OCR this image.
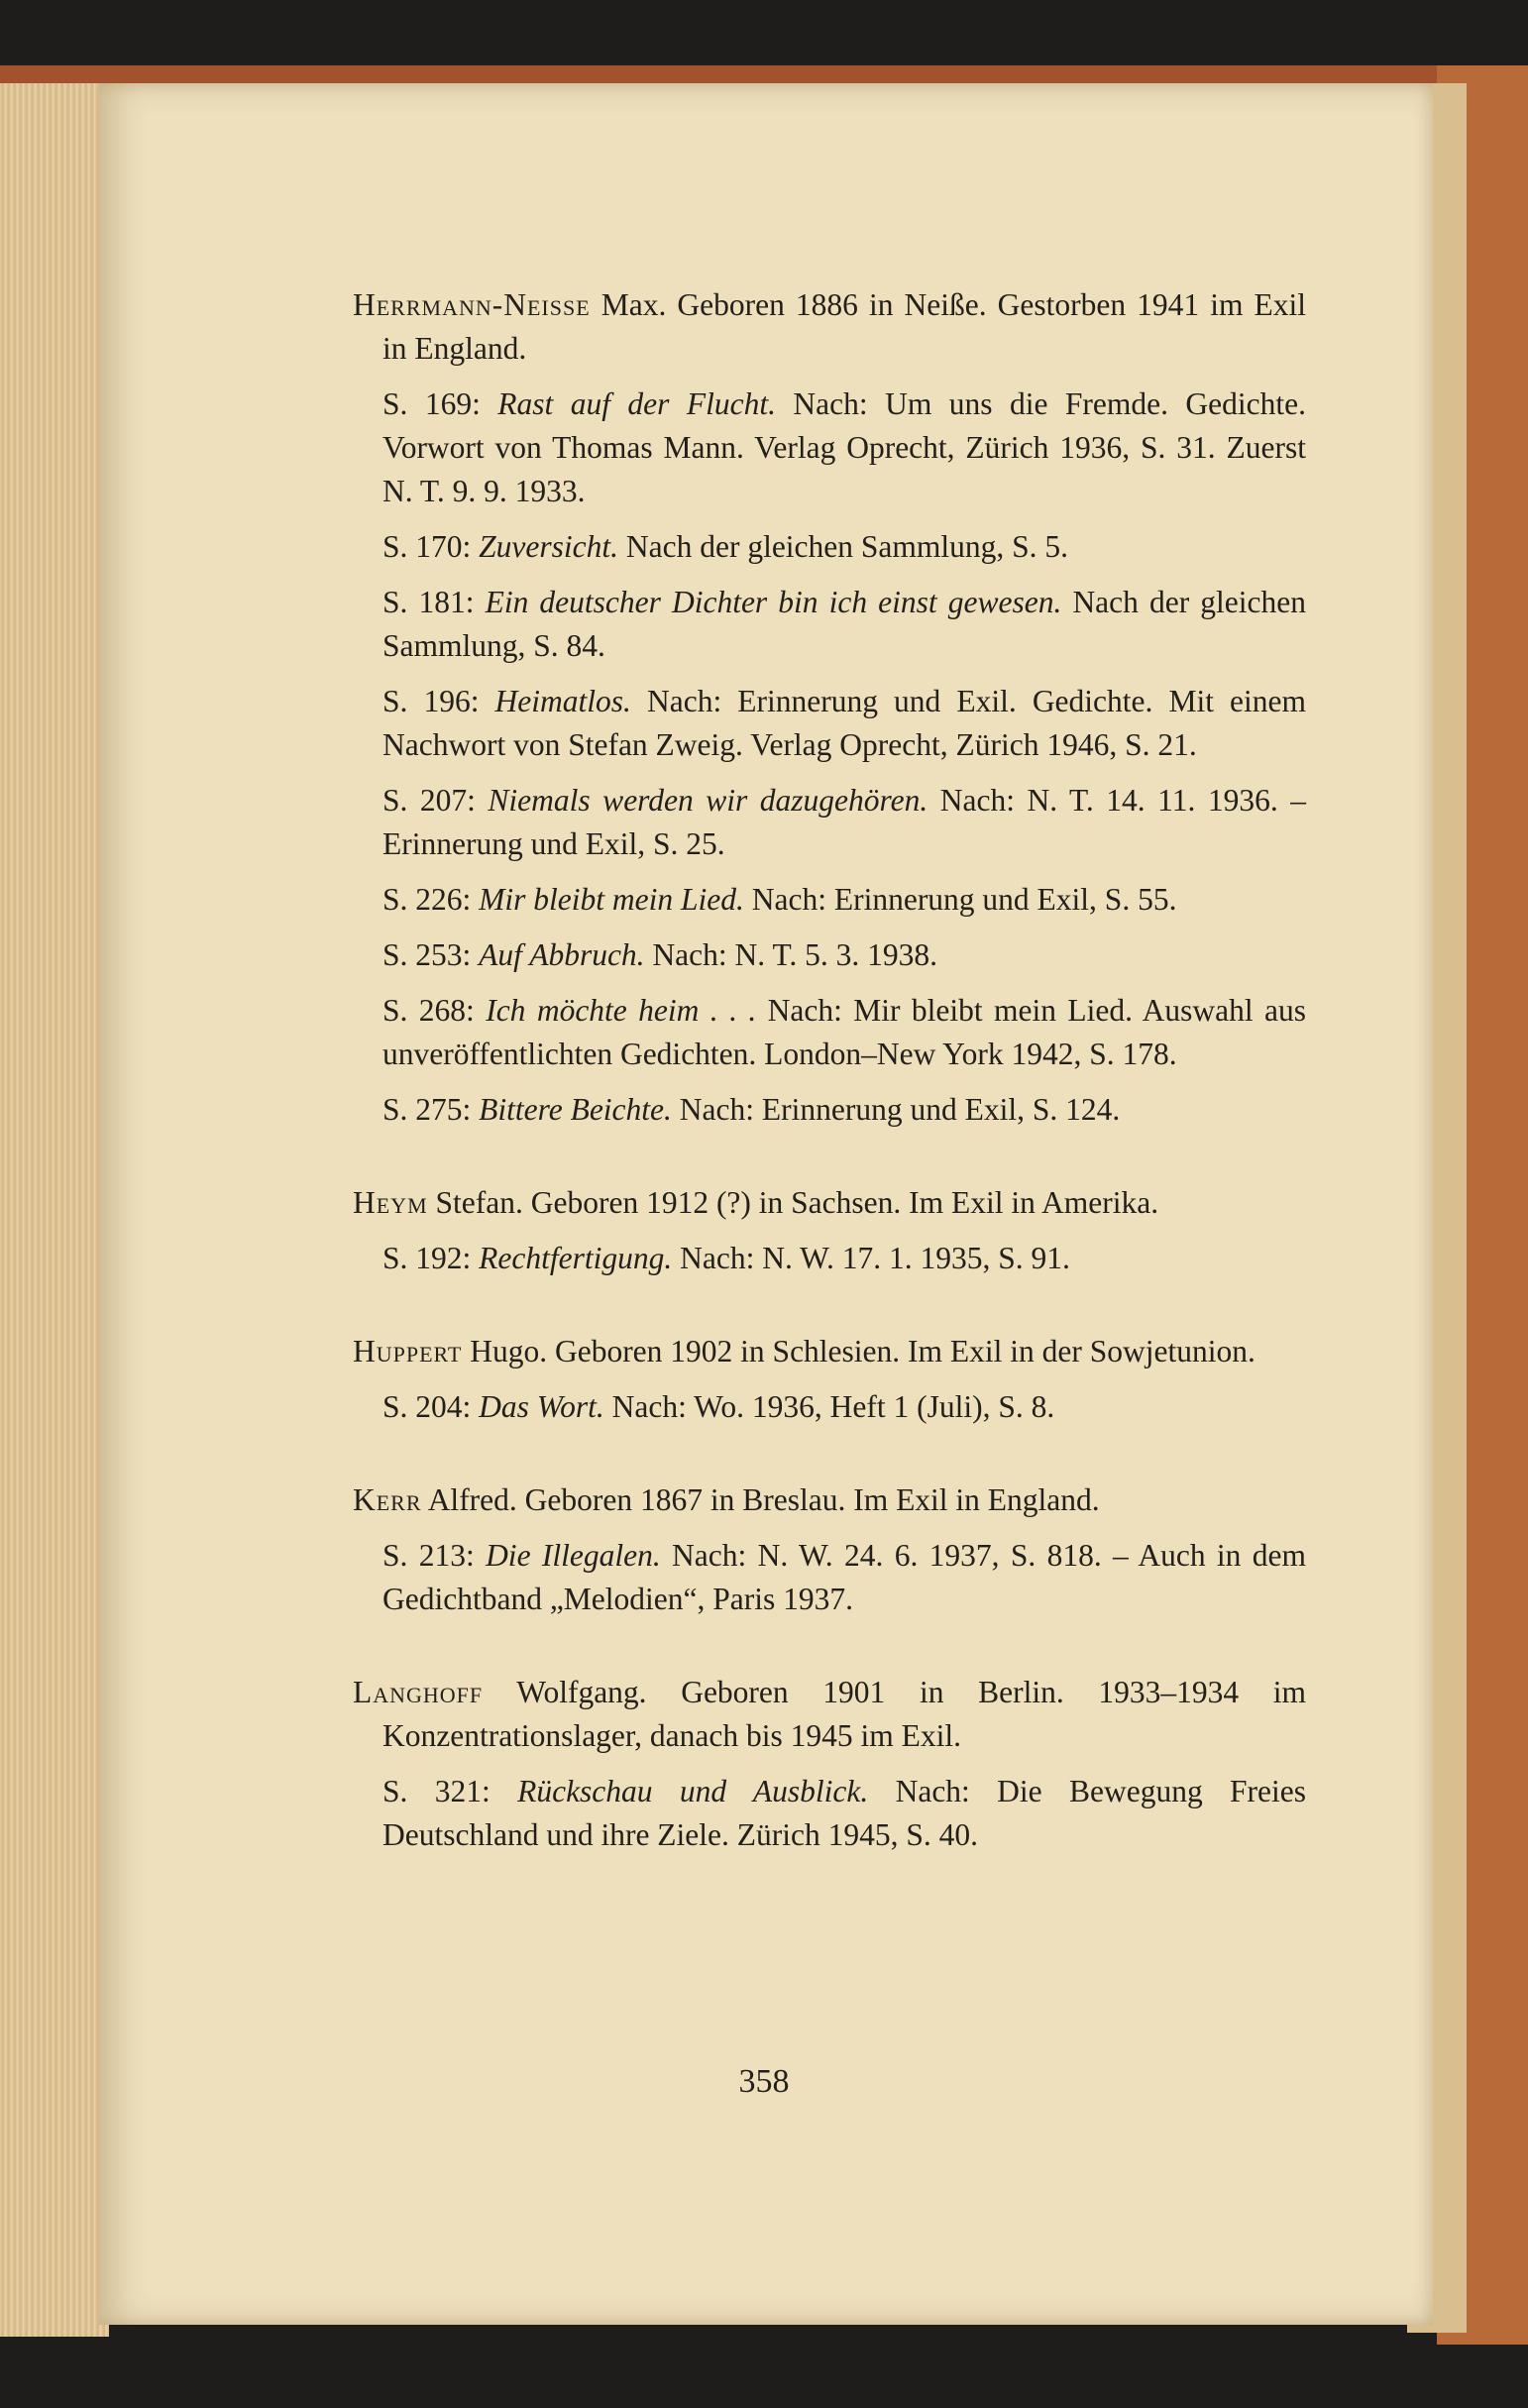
Herrmann-Neisse Max. Geboren 1886 in Neiße. Gestorben 1941 im Exil in England.

S. 169: Rast auf der Flucht. Nach: Um uns die Fremde. Gedichte. Vorwort von Thomas Mann. Verlag Oprecht, Zürich 1936, S. 31. Zuerst N. T. 9. 9. 1933.

S. 170: Zuversicht. Nach der gleichen Sammlung, S. 5.

S. 181: Ein deutscher Dichter bin ich einst gewesen. Nach der gleichen Sammlung, S. 84.

S. 196: Heimatlos. Nach: Erinnerung und Exil. Gedichte. Mit einem Nachwort von Stefan Zweig. Verlag Oprecht, Zürich 1946, S. 21.

S. 207: Niemals werden wir dazugehören. Nach: N. T. 14. 11. 1936. – Erinnerung und Exil, S. 25.

S. 226: Mir bleibt mein Lied. Nach: Erinnerung und Exil, S. 55.

S. 253: Auf Abbruch. Nach: N. T. 5. 3. 1938.

S. 268: Ich möchte heim . . . Nach: Mir bleibt mein Lied. Auswahl aus unveröffentlichten Gedichten. London–New York 1942, S. 178.

S. 275: Bittere Beichte. Nach: Erinnerung und Exil, S. 124.

Heym Stefan. Geboren 1912 (?) in Sachsen. Im Exil in Amerika.

S. 192: Rechtfertigung. Nach: N. W. 17. 1. 1935, S. 91.

Huppert Hugo. Geboren 1902 in Schlesien. Im Exil in der Sowjetunion.

S. 204: Das Wort. Nach: Wo. 1936, Heft 1 (Juli), S. 8.

Kerr Alfred. Geboren 1867 in Breslau. Im Exil in England.

S. 213: Die Illegalen. Nach: N. W. 24. 6. 1937, S. 818. – Auch in dem Gedichtband „Melodien“, Paris 1937.

Langhoff Wolfgang. Geboren 1901 in Berlin. 1933–1934 im Konzentrationslager, danach bis 1945 im Exil.

S. 321: Rückschau und Ausblick. Nach: Die Bewegung Freies Deutschland und ihre Ziele. Zürich 1945, S. 40.

358
